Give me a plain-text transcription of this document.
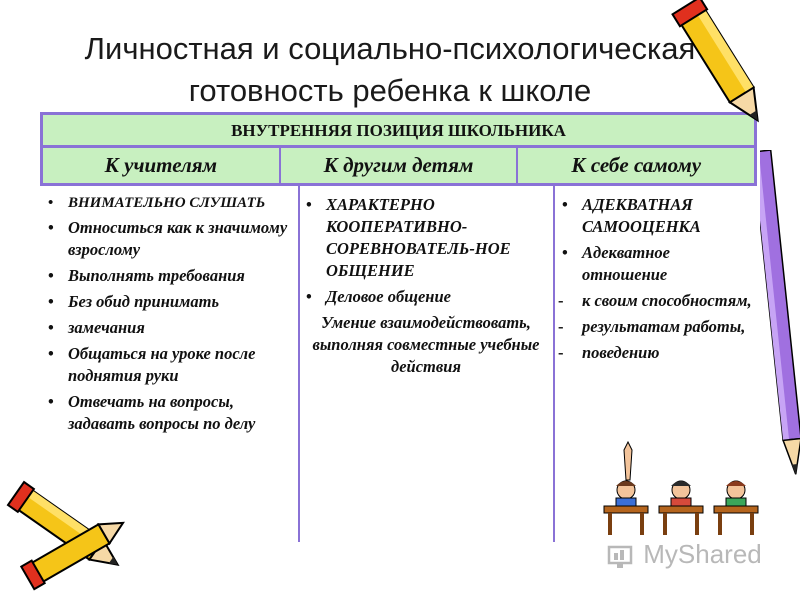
Личностная и социально-психологическая
готовность ребенка к школе
ВНУТРЕННЯЯ ПОЗИЦИЯ ШКОЛЬНИКА
К учителям	К другим детям	К себе самому
• ВНИМАТЕЛЬНО СЛУШАТЬ
• Относиться как к значимому взрослому
• Выполнять требования
• Без обид принимать
• замечания
• Общаться на уроке после поднятия руки
• Отвечать на вопросы, задавать вопросы по делу
• ХАРАКТЕРНО КООПЕРАТИВНО-СОРЕВНОВАТЕЛЬ-НОЕ ОБЩЕНИЕ
• Деловое общение
Умение взаимодействовать, выполняя совместные учебные действия
• АДЕКВАТНАЯ САМООЦЕНКА
• Адекватное отношение
- к своим способностям,
- результатам работы,
- поведению
MyShared
